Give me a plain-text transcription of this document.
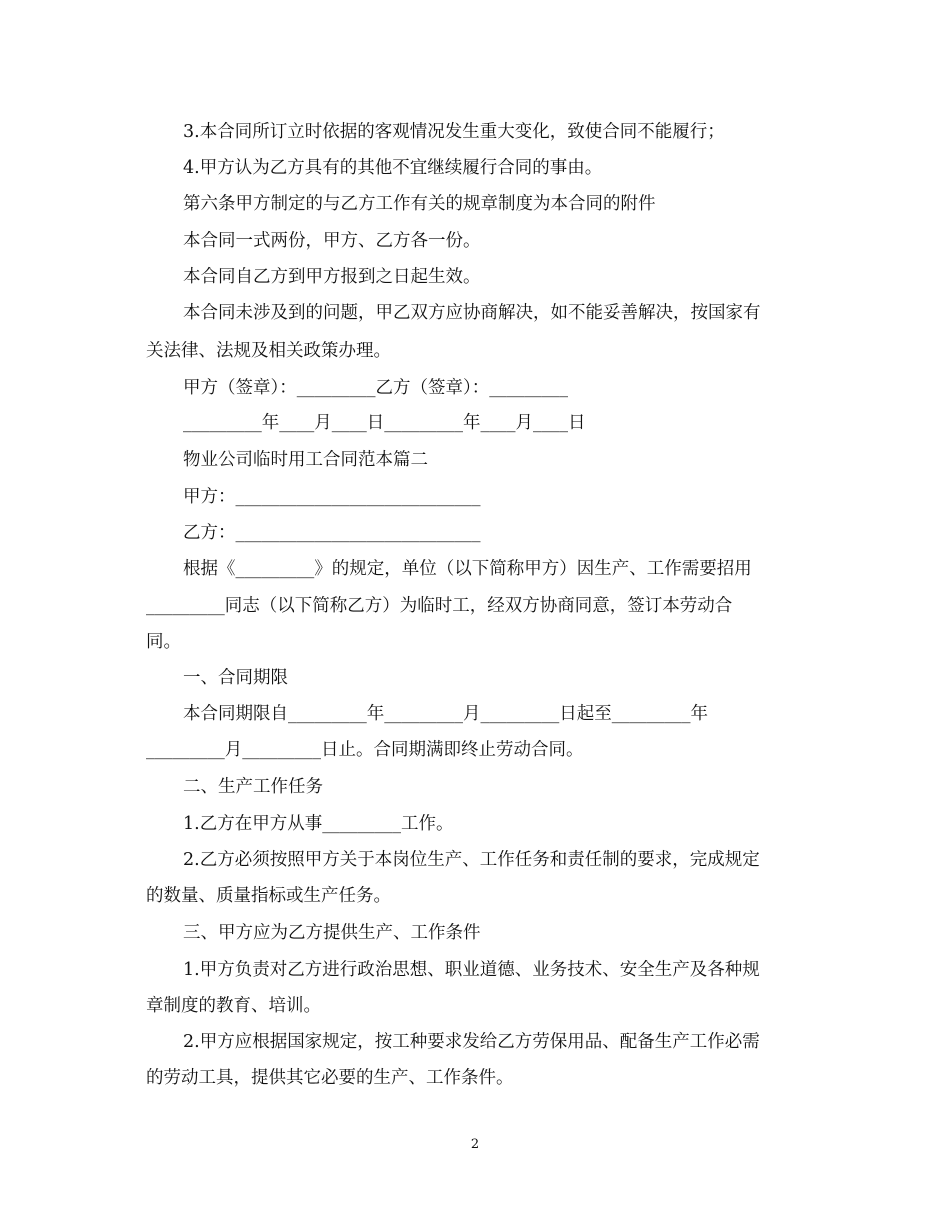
3.本合同所订立时依据的客观情况发生重大变化，致使合同不能履行；
4.甲方认为乙方具有的其他不宜继续履行合同的事由。
第六条甲方制定的与乙方工作有关的规章制度为本合同的附件
本合同一式两份，甲方、乙方各一份。
本合同自乙方到甲方报到之日起生效。
本合同未涉及到的问题，甲乙双方应协商解决，如不能妥善解决，按国家有
关法律、法规及相关政策办理。
甲方（签章）：_________乙方（签章）：_________
_________年____月____日_________年____月____日
物业公司临时用工合同范本篇二
甲方：____________________________
乙方：____________________________
根据《_________》的规定，单位（以下简称甲方）因生产、工作需要招用
_________同志（以下简称乙方）为临时工，经双方协商同意，签订本劳动合
同。
一、合同期限
本合同期限自_________年_________月_________日起至_________年
_________月_________日止。合同期满即终止劳动合同。
二、生产工作任务
1.乙方在甲方从事_________工作。
2.乙方必须按照甲方关于本岗位生产、工作任务和责任制的要求，完成规定
的数量、质量指标或生产任务。
三、甲方应为乙方提供生产、工作条件
1.甲方负责对乙方进行政治思想、职业道德、业务技术、安全生产及各种规
章制度的教育、培训。
2.甲方应根据国家规定，按工种要求发给乙方劳保用品、配备生产工作必需
的劳动工具，提供其它必要的生产、工作条件。
2
